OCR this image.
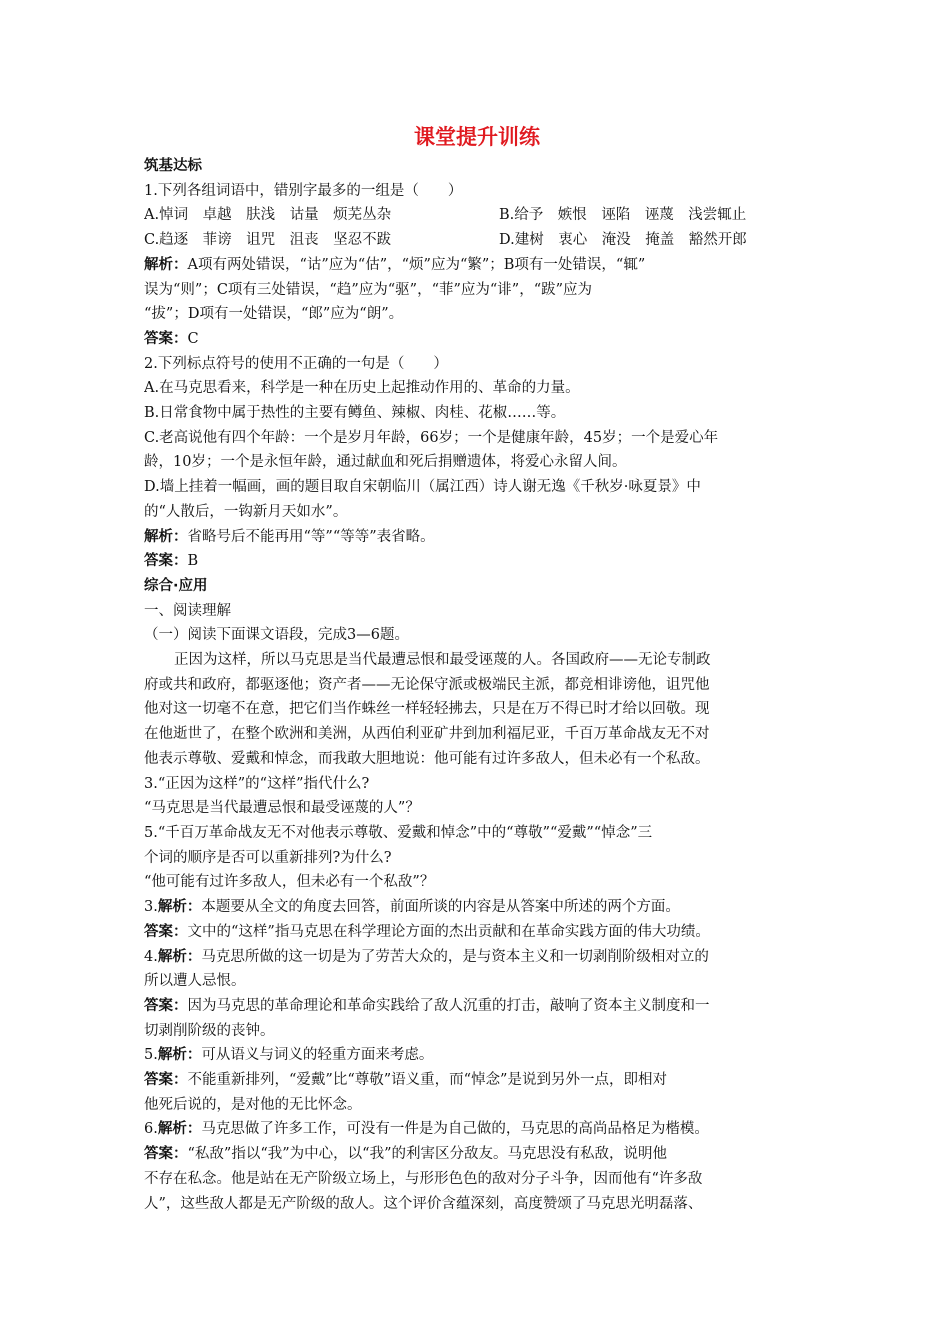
课堂提升训练
筑基达标
1.下列各组词语中，错别字最多的一组是（　　）
A.悼词　卓越　肤浅　诂量　烦芜丛杂	B.给予　嫉恨　诬陷　诬蔑　浅尝辄止
C.趋逐　菲谤　诅咒　沮丧　坚忍不跋	D.建树　衷心　淹没　掩盖　豁然开郎
解析：A项有两处错误，“诂”应为“估”，“烦”应为“繁”；B项有一处错误，“辄”
误为“则”；C项有三处错误，“趋”应为“驱”，“菲”应为“诽”，“跋”应为
“拔”；D项有一处错误，“郎”应为“朗”。
答案：C
2.下列标点符号的使用不正确的一句是（　　）
A.在马克思看来，科学是一种在历史上起推动作用的、革命的力量。
B.日常食物中属于热性的主要有鳟鱼、辣椒、肉桂、花椒……等。
C.老高说他有四个年龄：一个是岁月年龄，66岁；一个是健康年龄，45岁；一个是爱心年
龄，10岁；一个是永恒年龄，通过献血和死后捐赠遗体，将爱心永留人间。
D.墙上挂着一幅画，画的题目取自宋朝临川（属江西）诗人谢无逸《千秋岁·咏夏景》中
的“人散后，一钩新月天如水”。
解析：省略号后不能再用“等”“等等”表省略。
答案：B
综合·应用
一、阅读理解
（一）阅读下面课文语段，完成3—6题。
正因为这样，所以马克思是当代最遭忌恨和最受诬蔑的人。各国政府——无论专制政
府或共和政府，都驱逐他；资产者——无论保守派或极端民主派，都竞相诽谤他，诅咒他
他对这一切毫不在意，把它们当作蛛丝一样轻轻拂去，只是在万不得已时才给以回敬。现
在他逝世了，在整个欧洲和美洲，从西伯利亚矿井到加利福尼亚，千百万革命战友无不对
他表示尊敬、爱戴和悼念，而我敢大胆地说：他可能有过许多敌人，但未必有一个私敌。
3.“正因为这样”的“这样”指代什么?
“马克思是当代最遭忌恨和最受诬蔑的人”？
5.“千百万革命战友无不对他表示尊敬、爱戴和悼念”中的“尊敬”“爱戴”“悼念”三
个词的顺序是否可以重新排列?为什么?
“他可能有过许多敌人，但未必有一个私敌”？
3.解析：本题要从全文的角度去回答，前面所谈的内容是从答案中所述的两个方面。
答案：文中的“这样”指马克思在科学理论方面的杰出贡献和在革命实践方面的伟大功绩。
4.解析：马克思所做的这一切是为了劳苦大众的，是与资本主义和一切剥削阶级相对立的
所以遭人忌恨。
答案：因为马克思的革命理论和革命实践给了敌人沉重的打击，敲响了资本主义制度和一
切剥削阶级的丧钟。
5.解析：可从语义与词义的轻重方面来考虑。
答案：不能重新排列，“爱戴”比“尊敬”语义重，而“悼念”是说到另外一点，即相对
他死后说的，是对他的无比怀念。
6.解析：马克思做了许多工作，可没有一件是为自己做的，马克思的高尚品格足为楷模。
答案：“私敌”指以“我”为中心，以“我”的利害区分敌友。马克思没有私敌，说明他
不存在私念。他是站在无产阶级立场上，与形形色色的敌对分子斗争，因而他有“许多敌
人”，这些敌人都是无产阶级的敌人。这个评价含蕴深刻，高度赞颂了马克思光明磊落、
